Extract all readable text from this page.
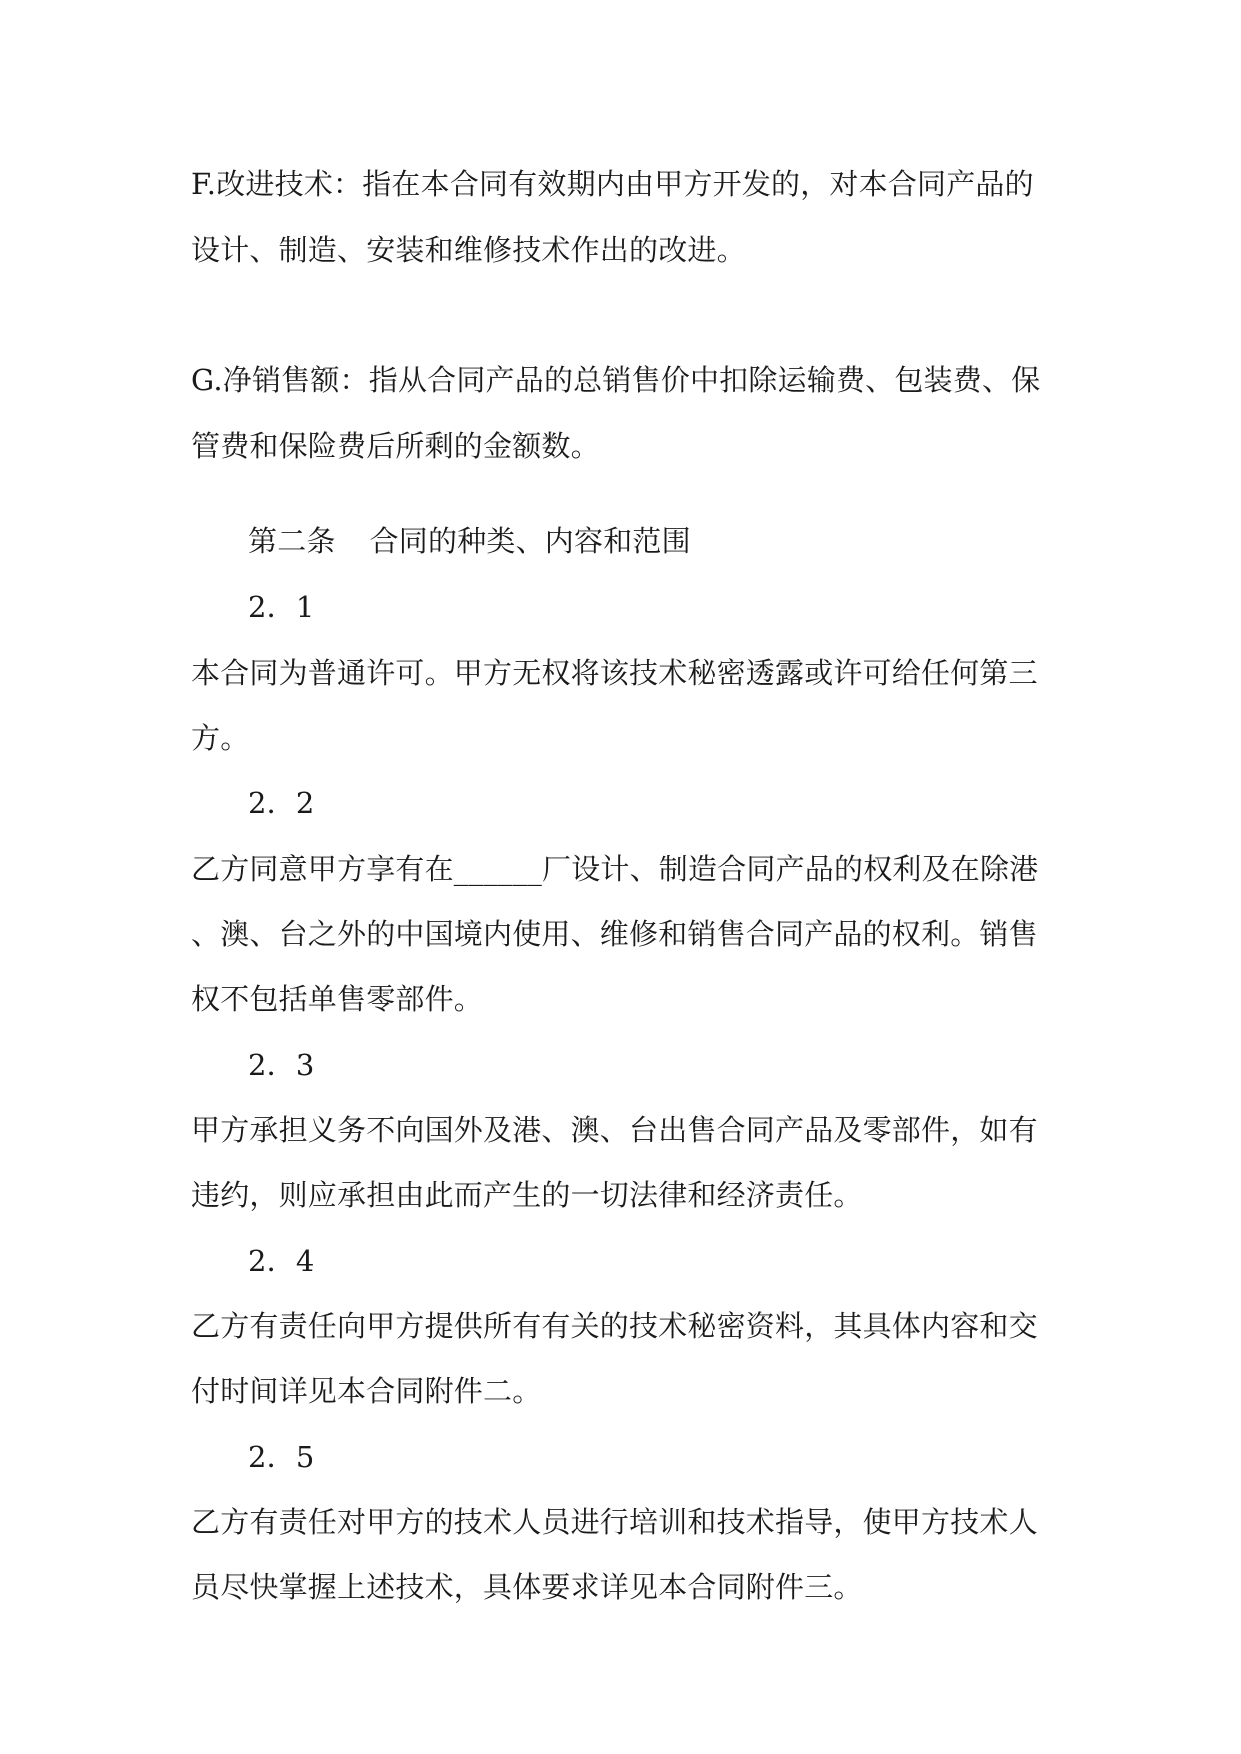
F.改进技术：指在本合同有效期内由甲方开发的，对本合同产品的
设计、制造、安装和维修技术作出的改进。
G.净销售额：指从合同产品的总销售价中扣除运输费、包装费、保
管费和保险费后所剩的金额数。
第二条 合同的种类、内容和范围
2．1
本合同为普通许可。甲方无权将该技术秘密透露或许可给任何第三
方。
2．2
乙方同意甲方享有在______厂设计、制造合同产品的权利及在除港
、澳、台之外的中国境内使用、维修和销售合同产品的权利。销售
权不包括单售零部件。
2．3
甲方承担义务不向国外及港、澳、台出售合同产品及零部件，如有
违约，则应承担由此而产生的一切法律和经济责任。
2．4
乙方有责任向甲方提供所有有关的技术秘密资料，其具体内容和交
付时间详见本合同附件二。
2．5
乙方有责任对甲方的技术人员进行培训和技术指导，使甲方技术人
员尽快掌握上述技术，具体要求详见本合同附件三。
